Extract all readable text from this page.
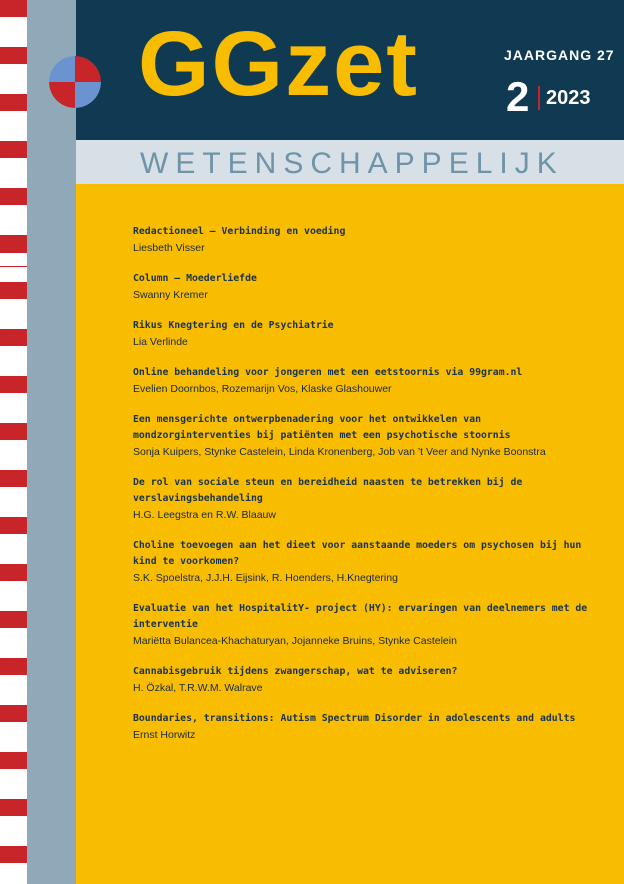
GGzet	JAARGANG 27
2 2023
WETENSCHAPPELIJK
Redactioneel – Verbinding en voeding
Liesbeth Visser
Column – Moederliefde
Swanny Kremer
Rikus Knegtering en de Psychiatrie
Lia Verlinde
Online behandeling voor jongeren met een eetstoornis via 99gram.nl
Evelien Doornbos, Rozemarijn Vos, Klaske Glashouwer
Een mensgerichte ontwerpbenadering voor het ontwikkelen van mondzorginterventies bij patiënten met een psychotische stoornis
Sonja Kuipers, Stynke Castelein, Linda Kronenberg, Job van ’t Veer and Nynke Boonstra
De rol van sociale steun en bereidheid naasten te betrekken bij de verslavingsbehandeling
H.G. Leegstra en R.W. Blaauw
Choline toevoegen aan het dieet voor aanstaande moeders om psychosen bij hun kind te voorkomen?
S.K. Spoelstra, J.J.H. Eijsink, R. Hoenders, H.Knegtering
Evaluatie van het HospitalitY- project (HY): ervaringen van deelnemers met de interventie
Mariëtta Bulancea-Khachaturyan, Jojanneke Bruins, Stynke Castelein
Cannabisgebruik tijdens zwangerschap, wat te adviseren?
H. Özkal, T.R.W.M. Walrave
Boundaries, transitions: Autism Spectrum Disorder in adolescents and adults
Ernst Horwitz
